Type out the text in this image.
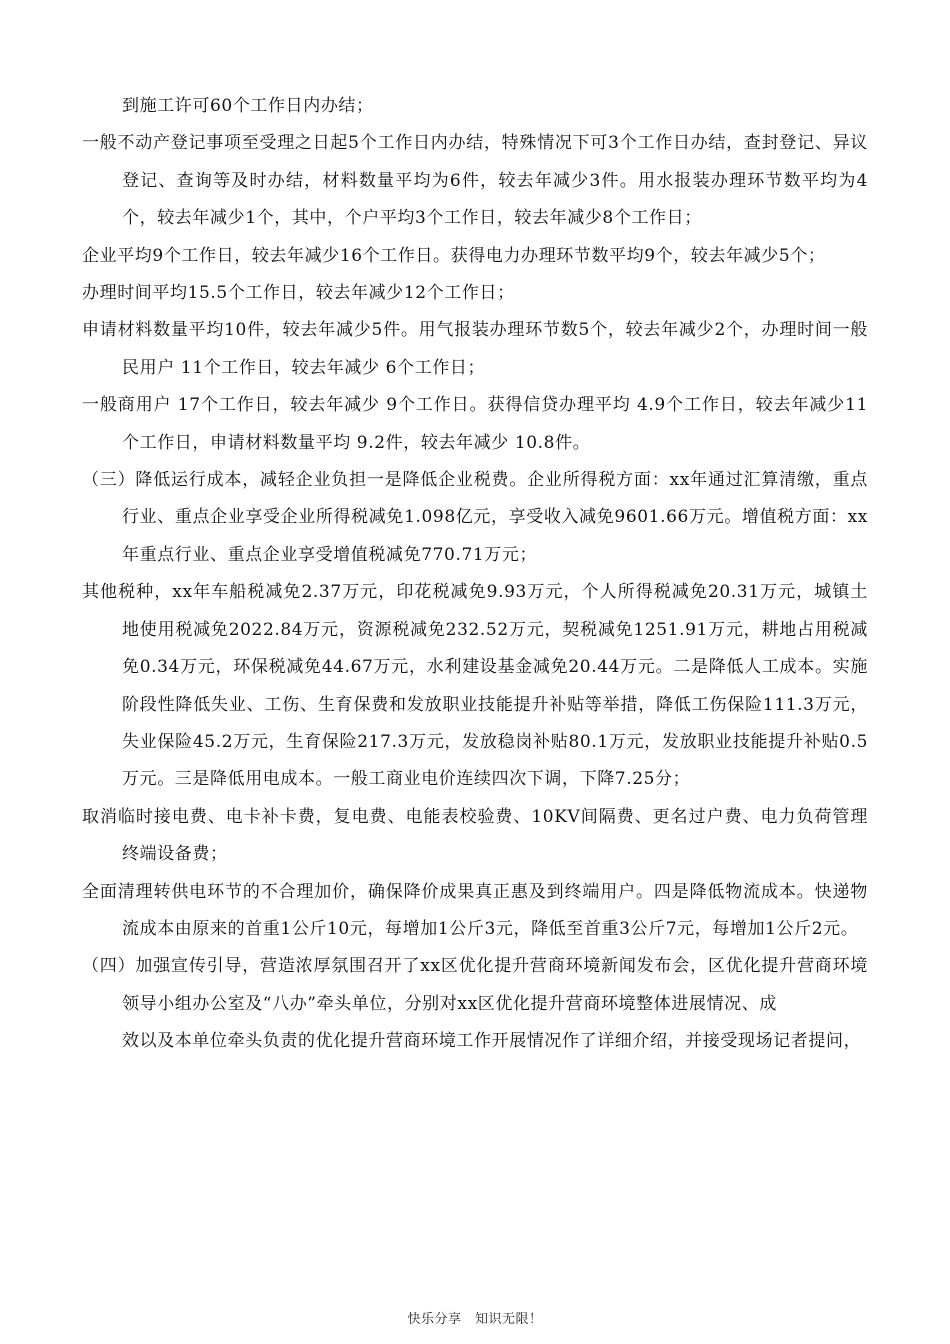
到施工许可60个工作日内办结；

一般不动产登记事项至受理之日起5个工作日内办结，特殊情况下可3个工作日办结，查封登记、异议登记、查询等及时办结，材料数量平均为6件，较去年减少3件。用水报装办理环节数平均为4个，较去年减少1个，其中，个户平均3个工作日，较去年减少8个工作日；

企业平均9个工作日，较去年减少16个工作日。获得电力办理环节数平均9个，较去年减少5个；

办理时间平均15.5个工作日，较去年减少12个工作日；

申请材料数量平均10件，较去年减少5件。用气报装办理环节数5个，较去年减少2个，办理时间一般民用户 11个工作日，较去年减少 6个工作日；

一般商用户 17个工作日，较去年减少 9个工作日。获得信贷办理平均 4.9个工作日，较去年减少11个工作日，申请材料数量平均 9.2件，较去年减少 10.8件。

（三）降低运行成本，减轻企业负担一是降低企业税费。企业所得税方面：xx年通过汇算清缴，重点行业、重点企业享受企业所得税减免1.098亿元，享受收入减免9601.66万元。增值税方面：xx年重点行业、重点企业享受增值税减免770.71万元；

其他税种，xx年车船税减免2.37万元，印花税减免9.93万元，个人所得税减免20.31万元，城镇土地使用税减免2022.84万元，资源税减免232.52万元，契税减免1251.91万元，耕地占用税减免0.34万元，环保税减免44.67万元，水利建设基金减免20.44万元。二是降低人工成本。实施阶段性降低失业、工伤、生育保费和发放职业技能提升补贴等举措，降低工伤保险111.3万元，失业保险45.2万元，生育保险217.3万元，发放稳岗补贴80.1万元，发放职业技能提升补贴0.5万元。三是降低用电成本。一般工商业电价连续四次下调，下降7.25分；

取消临时接电费、电卡补卡费，复电费、电能表校验费、10KV间隔费、更名过户费、电力负荷管理终端设备费；

全面清理转供电环节的不合理加价，确保降价成果真正惠及到终端用户。四是降低物流成本。快递物流成本由原来的首重1公斤10元，每增加1公斤3元，降低至首重3公斤7元，每增加1公斤2元。

（四）加强宣传引导，营造浓厚氛围召开了xx区优化提升营商环境新闻发布会，区优化提升营商环境领导小组办公室及“八办”牵头单位，分别对xx区优化提升营商环境整体进展情况、成

效以及本单位牵头负责的优化提升营商环境工作开展情况作了详细介绍，并接受现场记者提问，

快乐分享　知识无限！
